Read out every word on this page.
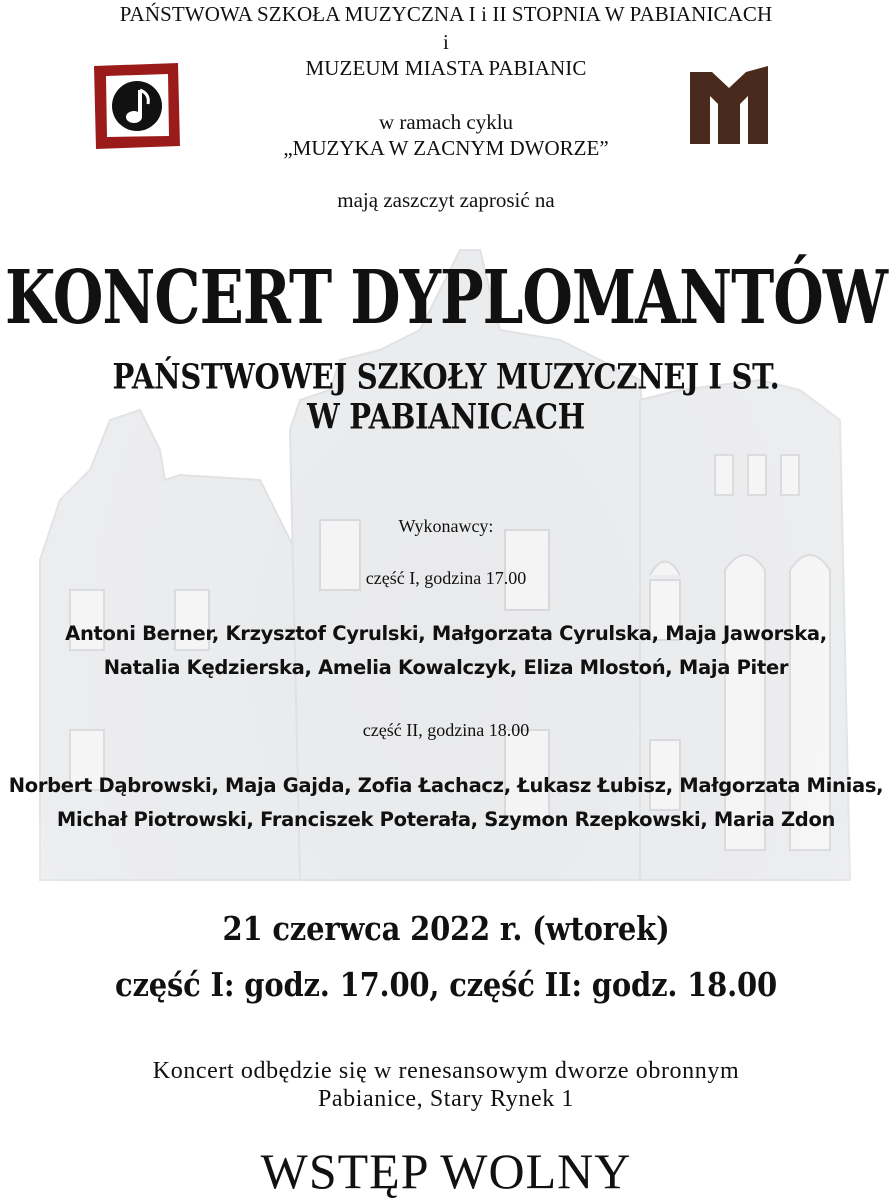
PAŃSTWOWA SZKOŁA MUZYCZNA I i II STOPNIA W PABIANICACH
i
MUZEUM MIASTA PABIANIC
w ramach cyklu
„MUZYKA W ZACNYM DWORZE”
mają zaszczyt zaprosić na
KONCERT DYPLOMANTÓW
PAŃSTWOWEJ SZKOŁY MUZYCZNEJ I ST.
W PABIANICACH
Wykonawcy:
część I, godzina 17.00
Antoni Berner, Krzysztof Cyrulski, Małgorzata Cyrulska, Maja Jaworska,
Natalia Kędzierska, Amelia Kowalczyk, Eliza Mlostoń, Maja Piter
część II, godzina 18.00
Norbert Dąbrowski, Maja Gajda, Zofia Łachacz, Łukasz Łubisz, Małgorzata Minias,
Michał Piotrowski, Franciszek Poterała, Szymon Rzepkowski, Maria Zdon
21 czerwca 2022 r. (wtorek)
część I: godz. 17.00, część II: godz. 18.00
Koncert odbędzie się w renesansowym dworze obronnym
Pabianice, Stary Rynek 1
WSTĘP WOLNY
